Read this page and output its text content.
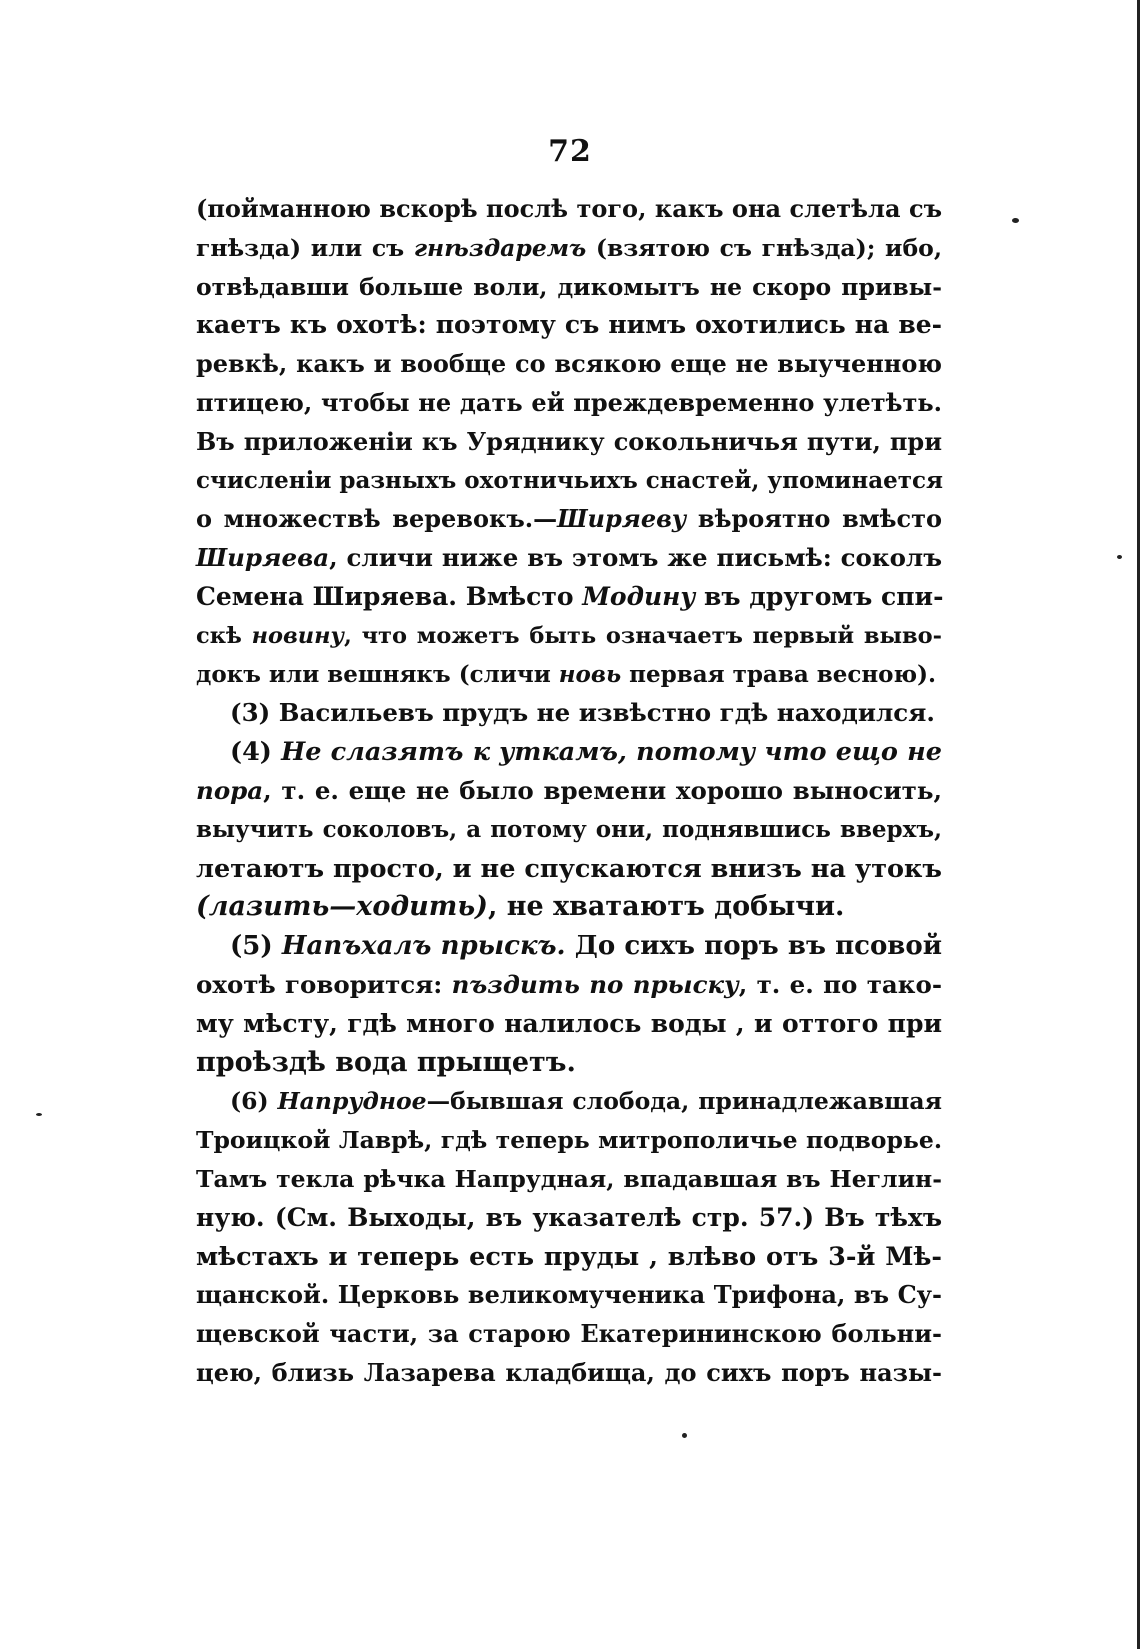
72
(пойманною вскорѣ послѣ того, какъ она слетѣла съ
гнѣзда) или съ гнѣздаремъ (взятою съ гнѣзда); ибо,
отвѣдавши больше воли, дикомытъ не скоро привы-
каетъ къ охотѣ: поэтому съ нимъ охотились на ве-
ревкѣ, какъ и вообще со всякою еще не выученною
птицею, чтобы не дать ей преждевременно улетѣть.
Въ приложеніи къ Уряднику сокольничья пути, при
счисленіи разныхъ охотничьихъ снастей, упоминается
о множествѣ веревокъ.—Ширяеву вѣроятно вмѣсто
Ширяева, сличи ниже въ этомъ же письмѣ: соколъ
Семена Ширяева. Вмѣсто Модину въ другомъ спи-
скѣ новину, что можетъ быть означаетъ первый выво-
докъ или вешнякъ (сличи новь первая трава весною).
(3) Васильевъ прудъ не извѣстно гдѣ находился.
(4) Не слазятъ к уткамъ, потому что ещо не
пора, т. е. еще не было времени хорошо выносить,
выучить соколовъ, а потому они, поднявшись вверхъ,
летаютъ просто, и не спускаются внизъ на утокъ
(лазить—ходить), не хватаютъ добычи.
(5) Напъхалъ прыскъ. До сихъ поръ въ псовой
охотѣ говорится: пъздить по прыску, т. е. по тако-
му мѣсту, гдѣ много налилось воды , и оттого при
проѣздѣ вода прыщетъ.
(6) Напрудное—бывшая слобода, принадлежавшая
Троицкой Лаврѣ, гдѣ теперь митрополичье подворье.
Тамъ текла рѣчка Напрудная, впадавшая въ Неглин-
ную. (См. Выходы, въ указателѣ стр. 57.) Въ тѣхъ
мѣстахъ и теперь есть пруды , влѣво отъ 3-й Мѣ-
щанской. Церковь великомученика Трифона, въ Су-
щевской части, за старою Екатерининскою больни-
цею, близь Лазарева кладбища, до сихъ поръ назы-
